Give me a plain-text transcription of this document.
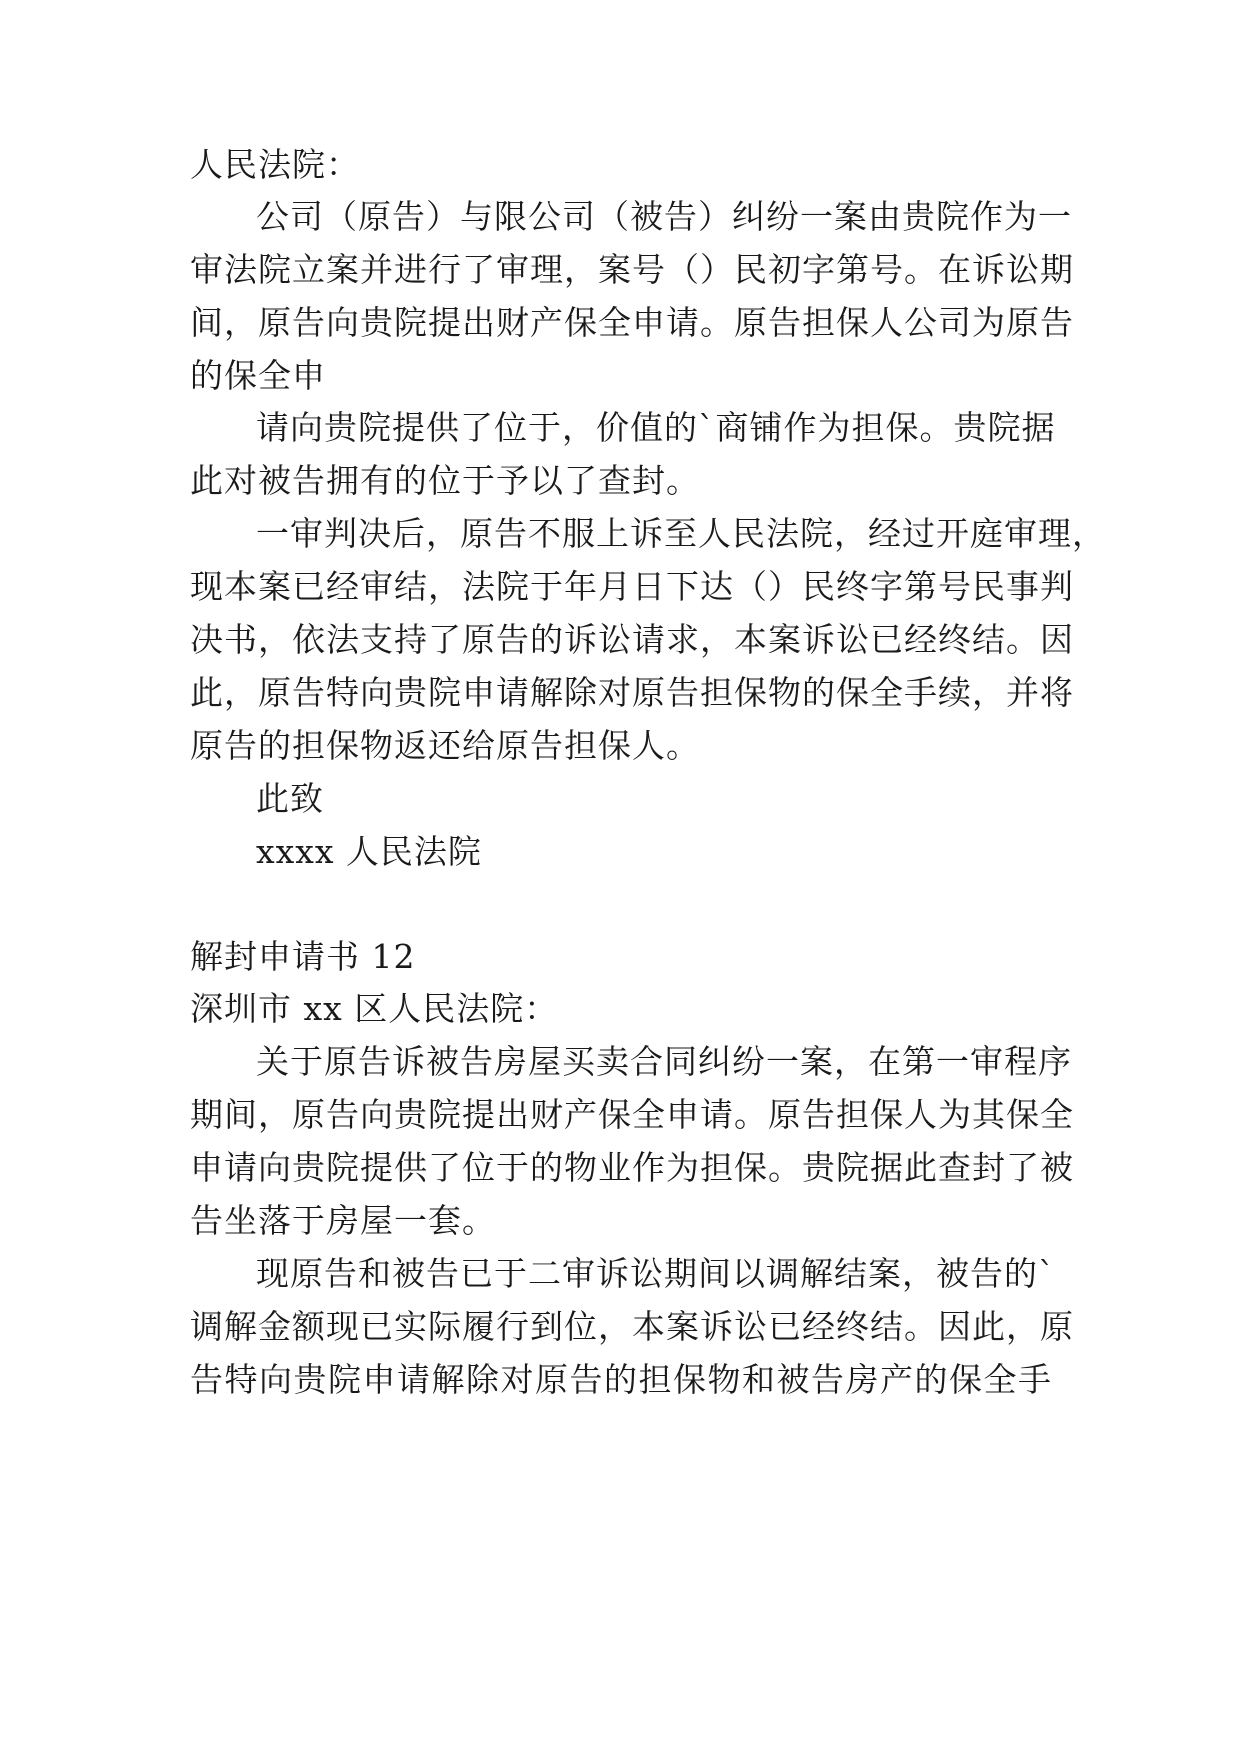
人民法院：
公司（原告）与限公司（被告）纠纷一案由贵院作为一
审法院立案并进行了审理，案号（）民初字第号。在诉讼期
间，原告向贵院提出财产保全申请。原告担保人公司为原告
的保全申
请向贵院提供了位于，价值的`商铺作为担保。贵院据
此对被告拥有的位于予以了查封。
一审判决后，原告不服上诉至人民法院，经过开庭审理，
现本案已经审结，法院于年月日下达（）民终字第号民事判
决书，依法支持了原告的诉讼请求，本案诉讼已经终结。因
此，原告特向贵院申请解除对原告担保物的保全手续，并将
原告的担保物返还给原告担保人。
此致
xxxx 人民法院
解封申请书 12
深圳市 xx 区人民法院：
关于原告诉被告房屋买卖合同纠纷一案，在第一审程序
期间，原告向贵院提出财产保全申请。原告担保人为其保全
申请向贵院提供了位于的物业作为担保。贵院据此查封了被
告坐落于房屋一套。
现原告和被告已于二审诉讼期间以调解结案，被告的`
调解金额现已实际履行到位，本案诉讼已经终结。因此，原
告特向贵院申请解除对原告的担保物和被告房产的保全手
